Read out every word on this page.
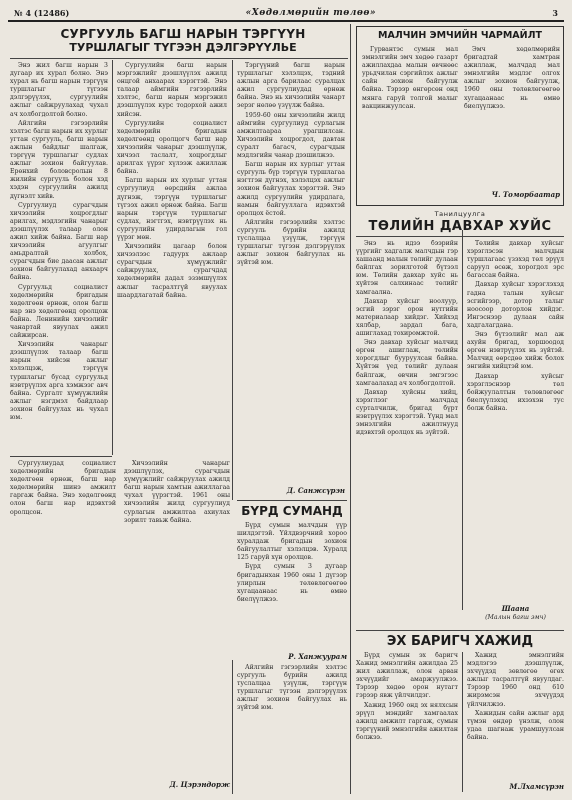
№ 4 (12486)	«Хөдөлмөрийн төлөө»	3
СУРГУУЛЬ БАГШ НАРЫН ТЭРГҮҮН
ТУРШЛАГЫГ ТҮГЭЭН ДЭЛГЭРҮҮЛЬЕ

Энэ жил багш нарын 3 дугаар их хурал болно. Энэ хурал нь багш нарын тэргүүн туршлагыг түгээн дэлгэрүүлэх, сургуулийн ажлыг сайжруулахад чухал ач холбогдолтой болно.

Айлгийн гэгээрлийн хэлтэс багш нарын их хурлыг угтан сургууль, багш нарын ажлын байдлыг шалгаж, тэргүүн туршлагыг судлах ажлыг зохион байгуулав. Ерөнхий боловсролын 8 жилийн сургууль болон хэд хэдэн сургуулийн ажилд дүгнэлт хийв.

Сургуулиуд сурагчдын хичээлийн хоцрогдлыг арилгах, мэдлэгийн чанарыг дээшлүүлэх талаар олон ажил хийж байна. Багш нар хичээлийн агуулгыг амьдралтай холбох, сурагчдын бие даасан ажлыг зохион байгуулахад анхаарч байна.

Сургуульд социалист хөдөлмөрийн бригадын хөдөлгөөн өрнөж, олон багш нар энэ хөдөлгөөнд оролцож байна. Ленинийн хичээлийг чанартай явуулах ажил сайжирсан.

Хичээлийн чанарыг дээшлүүлэх талаар багш нарын хийсэн ажлыг хэлэлцэж, тэргүүн туршлагыг бусад сургуульд нэвтрүүлэх арга хэмжээг авч байна. Сургалт хүмүүжлийн ажлыг нэгдмэл байдлаар зохион байгуулах нь чухал юм.

Сургуулийн багш нарын мэргэжлийг дээшлүүлэх ажилд онцгой анхаарах хэрэгтэй. Энэ талаар аймгийн гэгээрлийн хэлтэс, багш нарын мэргэжил дээшлүүлэх курс тодорхой ажил хийсэн.

Сургуулийн социалист хөдөлмөрийн бригадын хөдөлгөөнд оролцогч багш нар хичээлийн чанарыг дээшлүүлж, хичээл таслалт, хоцрогдлыг арилгах үүрэг хүлээж ажиллаж байна.

Багш нарын их хурлыг угтан сургуулиуд өөрсдийн ажлаа дүгнэж, тэргүүн туршлагыг түгээх ажил өрнөж байна. Багш нарын тэргүүн туршлагыг судлах, нэгтгэх, нэвтрүүлэх нь сургуулийн удирдлагын гол үүрэг мөн.

Хичээлийн цагаар болон хичээлээс гадуурх ажлаар сурагчдын хүмүүжлийг сайжруулах, сурагчдад хөдөлмөрийн дадал эзэмшүүлэх ажлыг тасралтгүй явуулах шаардлагатай байна.

Тэргүүний багш нарын туршлагыг хэлэлцэх, тэдний ажлын арга барилаас суралцах ажил сургуулиудад өрнөж байна. Энэ нь хичээлийн чанарт эерэг нөлөө үзүүлж байна.

1959-60 оны хичээлийн жилд аймгийн сургуулиуд сурлагын амжилтаараа урагшилсан. Хичээлийн хоцрогдол, давтан суралт багасч, сурагчдын мэдлэгийн чанар дээшилжээ.

Багш нарын их хурлыг угтан сургууль бүр тэргүүн туршлагаа нэгтгэн дүгнэх, хэлэлцэх ажлыг зохион байгуулах хэрэгтэй. Энэ ажилд сургуулийн удирдлага, намын байгууллага идэвхтэй оролцох ёстой.

Айлгийн гэгээрлийн хэлтэс сургууль бүрийн ажилд туслалцаа үзүүлж, тэргүүн туршлагыг түгээн дэлгэрүүлэх ажлыг зохион байгуулах нь зүйтэй юм.

Д. Санжсүрэн
МАЛЧИН ЭМЧИЙН ЧАРМАЙЛТ

Гурвантэс сумын мал эмнэлгийн эмч хөдөө газарт ажиллахдаа малын өвчнөөс урьдчилан сэргийлэх ажлыг сайн зохион байгуулж байна. Тэрээр өнгөрсөн онд мянга гаруй толгой малыг вакцинжуулсан.

Эмч хөдөлмөрийн бригадтай хамтран ажиллаж, малчдад мал эмнэлгийн мэдлэг олгох ажлыг зохион байгуулж, 1960 оны төлөвлөгөөгөө хугацаанаас нь өмнө биелүүлжээ.

Ч. Томорбаатар
Танилцуулга
ТӨЛИЙН ДАВХАР ХУЙС

Энэ нь идээ бээрийн үүргийг хадгалж малчдын гэр хашаанд малын төлийг дулаан байлгах зорилготой бүтээл юм. Төлийн давхар хуйс нь хүйтэн салхинаас төлийг хамгаална.

Давхар хуйсыг ноолуур, эсгий зэрэг орон нутгийн материалаар хийдэг. Хийхэд хялбар, зардал бага, ашиглахад тохиромжтой.

Энэ давхар хуйсыг малчид өргөн ашиглаж, төлийн хорогдлыг бууруулсан байна. Хүйтэн үед төлийг дулаан байлгаж, өвчин эмгэгээс хамгаалахад ач холбогдолтой.

Давхар хуйсны хийц, хэрэглээг малчдад сурталчилж, бригад бүрт нэвтрүүлэх хэрэгтэй. Үүнд мал эмнэлгийн ажилтнууд идэвхтэй оролцох нь зүйтэй.

Төлийн давхар хуйсыг хэрэглэсэн малчдын туршлагаас үзэхэд төл эрүүл саруул өсөж, хорогдол эрс багассан байна.

Давхар хуйсыг хэрэглэхэд гадна талын хуйсыг эсгийгээр, дотор талыг ноосоор доторлон хийдэг. Ингэснээр дулаан сайн хадгалагдана.

Энэ бүтээлийг мал аж ахуйн бригад, хоршоодод өргөн нэвтрүүлэх нь зүйтэй. Малчид өөрсдөө хийж болох энгийн хийцтэй юм.

Давхар хуйсыг хэрэглэснээр төл бойжуулалтын төлөвлөгөөг биелүүлэхэд ихээхэн тус болж байна.

Шаана
(Малын багш эмч)

Сургуулиудад социалист хөдөлмөрийн бригадын хөдөлгөөн өрнөж, багш нар хөдөлмөрийн шинэ амжилт гаргаж байна. Энэ хөдөлгөөнд олон багш нар идэвхтэй оролцсон.

Хичээлийн чанарыг дээшлүүлэх, сурагчдын хүмүүжлийг сайжруулах ажилд багш нарын хамтын ажиллагаа чухал үүрэгтэй. 1961 оны хичээлийн жилд сургуулиуд сурлагын амжилтаа ахиулах зорилт тавьж байна.

Д. Цэрэндорж
БҮРД СУМАНД

Бүрд сумын малчдын үүр шилдэгтэй. Үйлдвэрчний хороо хуралдаж бригадын зохион байгуулалтыг хэлэлцэв. Хуралд 125 гаруй хүн оролцов.

Бүрд сумын 3 дугаар бригадынхан 1960 оны 1 дүгээр улирлын төлөвлөгөөгөө хугацаанаас нь өмнө биелүүлжээ.

Р. Ханжуурам

Айлгийн гэгээрлийн хэлтэс сургууль бүрийн ажилд туслалцаа үзүүлж, тэргүүн туршлагыг түгээн дэлгэрүүлэх ажлыг зохион байгуулах нь зүйтэй юм.

ЭХ БАРИГЧ ХАЖИД

Бүрд сумын эх баригч Хажид эмнэлгийн ажилдаа 25 жил ажиллаж, олон арван эхчүүдийг амаржуулжээ. Тэрээр хөдөө орон нутагт гэрээр явж үйлчилдэг.

Хажид 1960 онд эх нялхсын эрүүл мэндийг хамгаалах ажилд амжилт гаргаж, сумын тэргүүний эмнэлгийн ажилтан болжээ.

Хажид эмнэлгийн мэдлэгээ дээшлүүлж, эхчүүдэд зөвлөгөө өгөх ажлыг тасралтгүй явуулдаг. Тэрээр 1960 онд 610 жирэмсэн эхчүүдэд үйлчилжээ.

Хажидын сайн ажлыг ард түмэн өндөр үнэлж, олон удаа шагнаж урамшуулсан байна.

М.Лхамсүрэн
